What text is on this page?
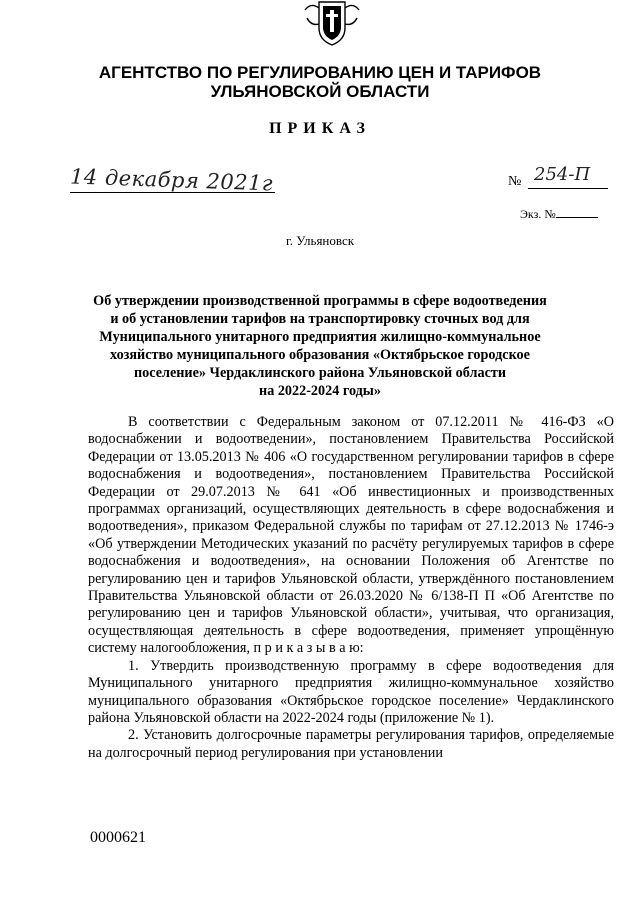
АГЕНТСТВО ПО РЕГУЛИРОВАНИЮ ЦЕН И ТАРИФОВ
УЛЬЯНОВСКОЙ ОБЛАСТИ
ПРИКАЗ
14 декабря 2021г	№ 254-П
Экз. №
г. Ульяновск
Об утверждении производственной программы в сфере водоотведения
и об установлении тарифов на транспортировку сточных вод для
Муниципального унитарного предприятия жилищно-коммунальное
хозяйство муниципального образования «Октябрьское городское
поселение» Чердаклинского района Ульяновской области
на 2022-2024 годы»

В соответствии с Федеральным законом от 07.12.2011 № 416-ФЗ «О водоснабжении и водоотведении», постановлением Правительства Российской Федерации от 13.05.2013 № 406 «О государственном регулировании тарифов в сфере водоснабжения и водоотведения», постановлением Правительства Российской Федерации от 29.07.2013 № 641 «Об инвестиционных и производственных программах организаций, осуществляющих деятельность в сфере водоснабжения и водоотведения», приказом Федеральной службы по тарифам от 27.12.2013 № 1746-э «Об утверждении Методических указаний по расчёту регулируемых тарифов в сфере водоснабжения и водоотведения», на основании Положения об Агентстве по регулированию цен и тарифов Ульяновской области, утверждённого постановлением Правительства Ульяновской области от 26.03.2020 № 6/138-П П «Об Агентстве по регулированию цен и тарифов Ульяновской области», учитывая, что организация, осуществляющая деятельность в сфере водоотведения, применяет упрощённую систему налогообложения, п р и к а з ы в а ю:

1. Утвердить производственную программу в сфере водоотведения для Муниципального унитарного предприятия жилищно-коммунальное хозяйство муниципального образования «Октябрьское городское поселение» Чердаклинского района Ульяновской области на 2022-2024 годы (приложение № 1).

2. Установить долгосрочные параметры регулирования тарифов, определяемые на долгосрочный период регулирования при установлении

0000621
